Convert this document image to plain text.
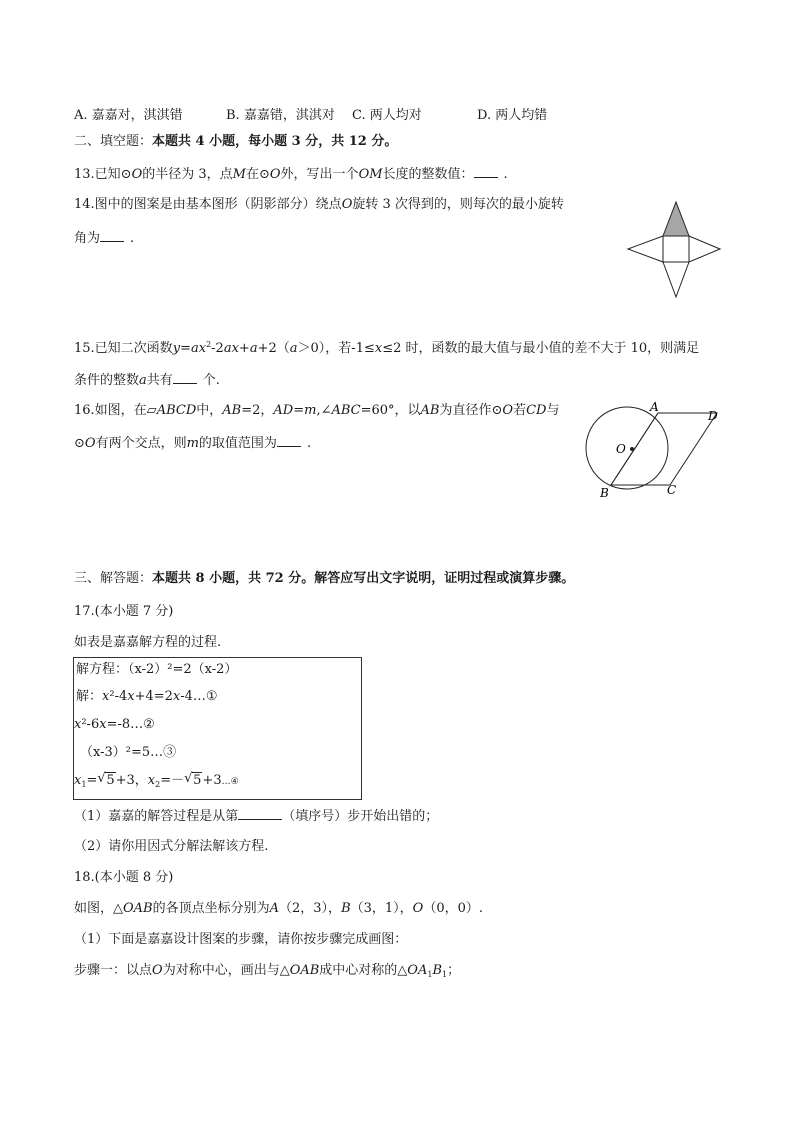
A. 嘉嘉对，淇淇错	B. 嘉嘉错，淇淇对 C. 两人均对	D. 两人均错
二、填空题：本题共 4 小题，每小题 3 分，共 12 分。
13.已知⊙O的半径为 3，点M在⊙O外，写出一个OM长度的整数值： .
14.图中的图案是由基本图形（阴影部分）绕点O旋转 3 次得到的，则每次的最小旋转
角为 .
15.已知二次函数$y=ax^2-2ax+a+2(a>0)$，若-1≤x≤2 时，函数的最大值与最小值的差不大于 10，则满足
条件的整数a共有 个.
16.如图，在▱ABCD中，AB=2，AD=m,∠ABC=60°，以AB为直径作⊙O若CD与
⊙O有两个交点，则m的取值范围为 .
A
D
B	C
O
三、解答题：本题共 8 小题，共 72 分。解答应写出文字说明，证明过程或演算步骤。
17.(本小题 7 分)
如表是嘉嘉解方程的过程.
解方程：（x-2）²=2（x-2）
解：x²-4x+4=2x-4…①
x²-6x=-8…②
（x-3）²=5…③
$x_1=$ √ 5+3，$x_2=-$ √ 5+3…④
（1）嘉嘉的解答过程是从第	（填序号）步开始出错的；
（2）请你用因式分解法解该方程.
18.(本小题 8 分)
如图，△OAB的各顶点坐标分别为A（2，3），B（3，1），O（0，0）.
（1）下面是嘉嘉设计图案的步骤，请你按步骤完成画图：
步骤一：以点O为对称中心，画出与△OAB成中心对称的$\triangle OA_1B_1$；
